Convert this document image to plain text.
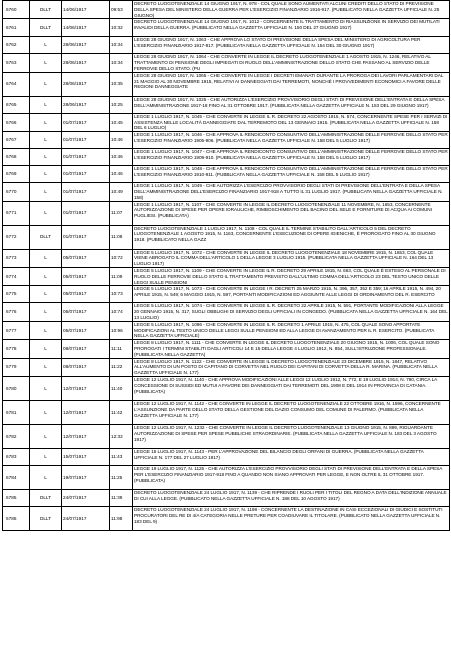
6760	DLLT	14/06/1917	09:53	DECRETO LUOGOTENENZIALE 14 GIUGNO 1917, N. 978 - COL QUALE SONO AUMENTATI ALCUNI CREDITI DELLO STATO DI PREVISIONE DELLA SPESA DEL MINISTERO DELLA GUERRA PER L'ESERCIZIO FINANZIARIO 1916-917. (PUBBLICATO NELLA GAZZETTA UFFICIALE N. 25 GIUGNO)
6761	DLLT	14/06/1917	10:32	DECRETO LUOGOTENENZIALE 14 GIUGNO 1917, N. 1012 - CONCERNENTE IL TRATTAMENTO DI RIASSUNZIONE IN SERVIZIO DEI MUTILATI INVALIDI DELLA GUERRA. (PUBBLICATO NELLA GAZZETTA UFFICIALE N. 150 DEL 27 GIUGNO 1917)
6762	L	28/06/1917	10:34	LEGGE 28 GIUGNO 1917, N. 1063 - CHE APPROVA LO STATO DI PREVISIONE DELLA SPESA DEL MINISTERO DI AGRICOLTURA PER L'ESERCIZIO FINANZIARIO 1917-917. (PUBBLICATA NELLA GAZZETTA UFFICIALE N. 154 DEL 30 GIUGNO 1917)
6763	L	28/06/1917	10:34	LEGGE 28 GIUGNO 1917, N. 1064 - CHE CONVERTE IN LEGGE IL DECRETO LUOGOTENENZIALE 1 AGOSTO 1915, N. 1246, RELATIVO AL TRATTAMENTO DI PENSIONE DEGLI IMPIEGATI DI RUOLO DELL'AMMINISTRAZIONE DELLO STATO CHE PASSANO AL SERVIZIO DELLE FERROVIE DELLO STATO. (PU
6764	L	28/06/1917	10:35	LEGGE 28 GIUGNO 1917, N. 1065 - CHE CONVERTE IN LEGGE I DECRETI EMANATI DURANTE LA PROROGA DEI LAVORI PARLAMENTARI DAL 21 MAGGIO AL 30 NOVEMBRE 1915, RELATIVI AI DANNEGGIATI DAI TERREMOTI, NONCHÉ I PROVVEDIMENTI ECONOMICI A FAVORE DELLE REGIONI DANNEGGIATE
6765	L	28/06/1917	10:25	LEGGE 28 GIUGNO 1917, N. 1025 - CHE AUTORIZZA L'ESERCIZIO PROVVISORIO DEGLI STATI DI PREVISIONE DELL'ENTRATA E DELLA SPESA DELL'AMMINISTRAZIONE 1917-18 FINO AL 31 OTTOBRE 1917. (PUBBLICATA NELLA GAZZETTA UFFICIALE N. 153 DEL 29 GIUGNO 1917)
6766	L	01/07/1917	10:45	LEGGE 1 LUGLIO 1917, N. 1045 - CHE CONVERTE IN LEGGE IL R. DECRETO 22 AGOSTO 1915, N. 574, CONCERNENTE SPESE PER I SERVIZI DI ASSISTENZA NELLE LOCALITÀ DANNEGGIATE DAL TERREMOTO DEL 13 GENNAIO 1915. (PUBBLICATA NELLA GAZZETTA UFFICIALE N. 158 DEL 6 LUGLIO)
6767	L	01/07/1917	10:46	LEGGE 1 LUGLIO 1917, N. 1046 - CHE APPROVA IL RENDICONTO CONSUNTIVO DELL'AMMINISTRAZIONE DELLE FERROVIE DELLO STATO PER L'ESERCIZIO FINANZIARIO 1905-906. (PUBBLICATA NELLA GAZZETTA UFFICIALE N. 158 DEL 5 LUGLIO 1917)
6768	L	01/07/1917	10:46	LEGGE 1 LUGLIO 1917, N. 1047 - CHE APPROVA IL RENDICONTO CONSUNTIVO DELL'AMMINISTRAZIONE DELLE FERROVIE DELLO STATO PER L'ESERCIZIO FINANZIARIO 1909-910. (PUBBLICATA NELLA GAZZETTA UFFICIALE N. 158 DEL 5 LUGLIO 1917)
6769	L	01/07/1917	10:46	LEGGE 1 LUGLIO 1917, N. 1048 - CHE APPROVA IL RENDICONTO CONSUNTIVO DELL'AMMINISTRAZIONE DELLE FERROVIE DELLO STATO PER L'ESERCIZIO FINANZIARIO 1910-911. (PUBBLICATA NELLA GAZZETTA UFFICIALE N. 158 DEL 5 LUGLIO 1917)
6770	L	01/07/1917	10:49	LEGGE 1 LUGLIO 1917, N. 1049 - CHE AUTORIZZA L'ESERCIZIO PROVVISORIO DEGLI STATI DI PREVISIONE DELL'ENTRATA E DELLA SPESA DELL'AMMINISTRAZIONE DELL'ESERCIZIO FINANZIARIO 1917-918 A TUTTO IL 31 LUGLIO 1917. (PUBBLICATA NELLA GAZZETTA UFFICIALE N. 158)
6771	L	01/07/1917	11:07	LEGGE 1 LUGLIO 1917, N. 1107 - CHE CONVERTE IN LEGGE IL DECRETO LUOGOTENENZIALE 11 NOVEMBRE, N. 1653, CONCERNENTE AUTORIZZAZIONE DI SPESE PER OPERE IDRAULICHE, RIMBOSCHIMENTO DEL BACINO DEL SELE E FORNITURE DI ACQUA AI COMUNI PUGLIESI. (PUBBLICATA)
6772	DLLT	01/07/1917	11:08	DECRETO LUOGOTENENZIALE 1 LUGLIO 1917, N. 1108 - COL QUALE IL TERMINE STABILITO DALL'ARTICOLO 5 DEL DECRETO LUOGOTENENZIALE 1 AGOSTO 1915, N. 1163, CONCERNENTE L'ESECUZIONE DI OPERE IGIENICHE, È PROROGATO FINO AL 30 GIUGNO 1918. (PUBBLICATO NELLA GAZZ
6773	L	05/07/1917	10:72	LEGGE 5 LUGLIO 1917, N. 1072 - CHE CONVERTE IN LEGGE IL DECRETO LUOGOTENENZIALE 18 NOVEMBRE 1915, N. 1653, COL QUALE VIENE ABROGATO IL COMMA DELL'ARTICOLO 1 DELLA LEGGE 3 LUGLIO 1915. (PUBBLICATA NELLA GAZZETTA UFFICIALE N. 164 DEL 13 LUGLIO 1917)
6774	L	05/07/1917	11:09	LEGGE 5 LUGLIO 1917, N. 1109 - CHE CONVERTE IN LEGGE IL R. DECRETO 29 APRILE 1915, N. 663, COL QUALE È ESTESO AL PERSONALE DI RUOLO DELLE FERROVIE DELLO STATO IL TRATTAMENTO PREVISTO DALL'ULTIMO COMMA DELL'ARTICOLO 23 DEL TESTO UNICO DELLE LEGGI SULLE PENSIONI
6775	L	05/07/1917	10:73	LEGGE 5 LUGLIO 1917, N. 1073 - CHE CONVERTE IN LEGGE I R. DECRETI 25 MARZO 1915, N. 396, 357, 352 E 359; 16 APRILE 1915, N. 494, 20 APRILE 1915, N. 549; 6 MAGGIO 1915, N. 597, PORTANTI MODIFICAZIONI ED AGGIUNTE ALLE LEGGI DI ORDINAMENTO DEL R. ESERCITO
6776	L	05/07/1917	10:74	LEGGE 5 LUGLIO 1917, N. 1074 - CHE CONVERTE IN LEGGE IL R. DECRETO 22 APRILE 1915, N. 591, PORTANTE MODIFICAZIONI ALLA LEGGE 20 GENNAIO 1915, N. 317, SUGLI OBBLIGHI DI SERVIZIO DEGLI UFFICIALI IN CONGEDO. (PUBBLICATA NELLA GAZZETTA UFFICIALE N. 164 DEL 13 LUGLIO)
6777	L	05/07/1917	10:96	LEGGE 5 LUGLIO 1917, N. 1096 - CHE CONVERTE IN LEGGE IL R. DECRETO 1 APRILE 1915, N. 475, COL QUALE SONO APPORTATE MODIFICAZIONI AL TESTO UNICO DELLE LEGGI SULLE PENSIONI ED ALLA LEGGE DI AVANZAMENTO PER IL R. ESERCITO. (PUBBLICATA NELLA GAZZETTA UFFICIALE)
6778	L	08/07/1917	11:11	LEGGE 8 LUGLIO 1917, N. 1111 - CHE CONVERTE IN LEGGE IL DECRETO LUOGOTENENZIALE 20 GIUGNO 1915, N. 1006, COL QUALE SONO PROROGATI I TERMINI STABILITI DAGLI ARTICOLI 14 E 15 DELLA LEGGE 4 LUGLIO 1912, N. 854, SULL'ISTRUZIONE PROFESSIONALE. (PUBBLICATA NELLA GAZZETTA)
6779	L	08/07/1917	11:22	LEGGE 8 LUGLIO 1917, N. 1122 - CHE CONVERTE IN LEGGE IL DECRETO LUOGOTENENZIALE 23 DICEMBRE 1915, N. 1847, RELATIVO ALL'AUMENTO DI UN POSTO DI CAPITANO DI CORVETTA NEL RUOLO DEI CAPITANI DI CORVETTA DELLA R. MARINA. (PUBBLICATA NELLA GAZZETTA UFFICIALE N. 177)
6780	L	12/07/1917	11:40	LEGGE 12 LUGLIO 1917, N. 1140 - CHE APPROVA MODIFICAZIONI ALLE LEGGI 12 LUGLIO 1912, N. 772, E 19 LUGLIO 1914, N. 790, CIRCA LA CONCESSIONE DI SUSSIDI ED MUTUI A FAVORE DEI DANNEGGIATI DAI TERREMOTI DEL 1908 E DEL 1914 IN PROVINCIA DI CATANIA. (PUBBLICATA)
6781	L	12/07/1917	11:42	LEGGE 12 LUGLIO 1917, N. 1142 - CHE CONVERTE IN LEGGE IL DECRETO LUOGOTENENZIALE 22 OTTOBRE 1916, N. 1596, CONCERNENTE L'ASSUNZIONE DA PARTE DELLO STATO DELLA GESTIONE DEL DAZIO CONSUMO DEL COMUNE DI PALERMO. (PUBBLICATA NELLA GAZZETTA UFFICIALE N. 177)
6782	L	12/07/1917	12:32	LEGGE 12 LUGLIO 1917, N. 1232 - CHE CONVERTE IN LEGGE IL DECRETO LUOGOTENENZIALE 13 GIUGNO 1915, N. 899, RIGUARDANTE AUTORIZZAZIONE DI SPESE PER SPESE PUBBLICHE STRAORDINARIE. (PUBBLICATA NELLA GAZZETTA UFFICIALE N. 183 DEL 3 AGOSTO 1917)
6783	L	15/07/1917	11:43	LEGGE 15 LUGLIO 1917, N. 1143 - PER L'APPROVAZIONE DEL BILANCIO DEGLI ORFANI DI GUERRA. (PUBBLICATA NELLA GAZZETTA UFFICIALE N. 177 DEL 27 LUGLIO 1917)
6784	L	19/07/1917	11:25	LEGGE 19 LUGLIO 1917, N. 1125 - CHE AUTORIZZA L'ESERCIZIO PROVVISORIO DEGLI STATI DI PREVISIONE DELL'ENTRATA E DELLA SPESA PER L'ESERCIZIO FINANZIARIO 1917-918 FINO A QUANDO NON SIANO APPROVATI PER LEGGE, E NON OLTRE IL 31 OTTOBRE 1917. (PUBBLICATA)
6785	DLLT	24/07/1917	11:39	DECRETO LUOGOTENENZIALE 24 LUGLIO 1917, N. 1139 - CHE RIPRENDE I RUOLI PER I TITOLI DEL REGNO A DATA DELL'INDIZIONE ANNUALE DI CUI ALLA LEGGE. (PUBBLICATO NELLA GAZZETTA UFFICIALE N. 188 DEL 10 AGOSTO 1917)
6786	DLLT	24/07/1917	11:98	DECRETO LUOGOTENENZIALE 24 LUGLIO 1917, N. 1198 - CONCERNENTE LA DESTINAZIONE IN CASI ECCEZIONALI DI GIUDICI E SOSTITUTI PROCURATORI DEL RE DI 4/A CATEGORIA NELLE PRETURE PER COADIUVARE IL TITOLARE. (PUBBLICATO NELLA GAZZETTA UFFICIALE N. 183 DEL 9)
